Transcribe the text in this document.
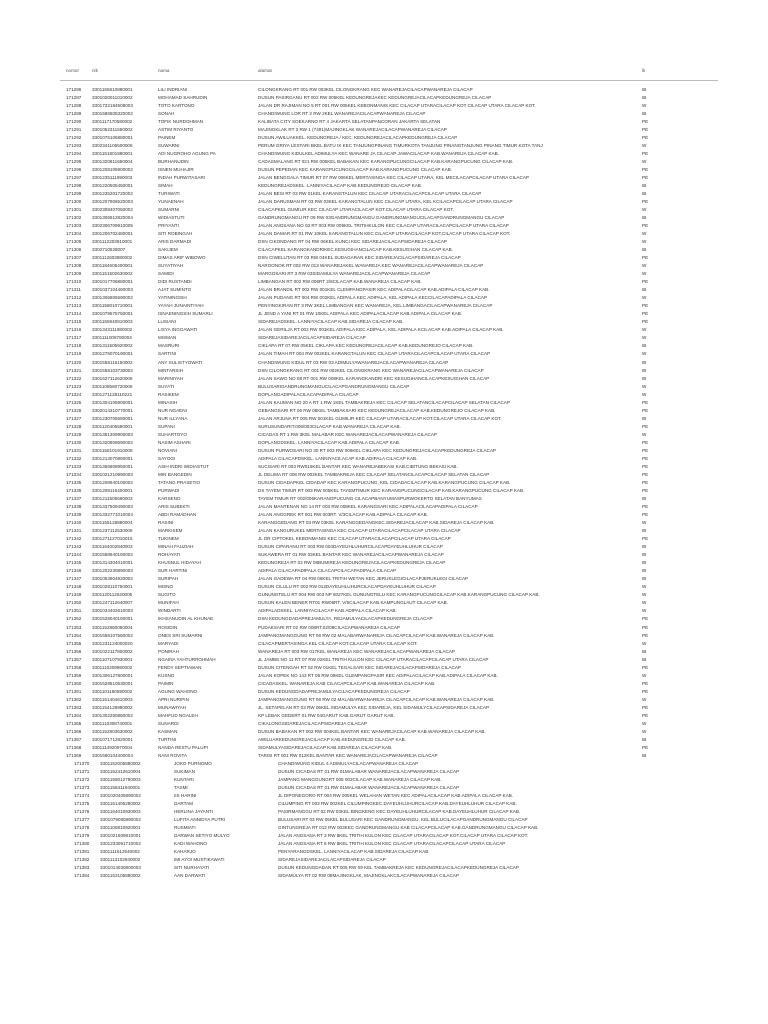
nomor	nik	nama	alamat	lk
171286	3301155810880001	LILI INDRIANI	CILONGKRANG RT 001 RW 003KEL CILONGKRANG KEC WANAREJACILACAPWANAREJA CILACAP	IB
171287	3301020011010002	MOHAMAD SAHRUDIN	DUSUN PASIRGANU RT 002 RW 005KEL KEDUNGREJAKEC KEDUNGREJACILACAPKEDUNGREJA CILACAP	IB
171288	3301732184508003	TOTO KARTONO	JALAN DR RAJIMAN NO 5 RT 001 RW 005KEL KEBONMANIS KEC CILACAP UTARACILACAP KOT CILACAP UTARA CILACAP KOT.	W
171289	3301586505320002	SONAH	CHANDIWUNG LOR RT 2 RW 2KEL WANAREJACILACAPWANAREJA CILACAP	IB
171290	3301117170580002	TOFIK NURDOHMAN	KALIBATA CITY SOEKARNO RT 4 JAKARTA SELATANPANCORAN JAKARTA SELATAN	PE
171291	3301052311550002	ASTIM RIYANTO	MAJINGKLAK RT 3 RW 1 (7491)MAJINGKLAK WANAREJACILACAPWANAREJA CILACAP	PE
171292	3301075106880001	PAINEM	DUSUN AWILUAKKEL. KEDUNGREJA / KEC. KEDUNGREJACILACAPKEDUNGREJA CILACAP	PE
171293	3302341106500006	SUWARNI	PERUM GRIYA LESTARI BKEL BATU IX KEC TANJUNGPINANG TIMURKOTA TANJUNG PINANGTANJUNG PINANG TIMUR KOTA TANJ	W
171294	3301151801880001	ADI NUGROHO AGUNG PA	CHANDIWUNG KIDULKEL ADIMULYA KEC WANARE JA CILACAP JAWACILACAP KAB.WANAREJA CILACAP KAB.	PE
171295	3301320811650004	BURHANUDIN	CADASMALANG RT 021 RW 005KEL BABAKAN KEC KARANGPUCUNGCILACAP KAB.KARANGPUCUNG CILACAP KAB.	W
171296	3301208105900002	ISNEN MUHAJIR	DUSUN PEPEDAN KEC KARANGPUCUNGCILACAP KAB.KARANGPUCUNG CILACAP KAB.	PE
171297	3301235111990003	INDAH PURWITASARI	JALAN BENGGALA TIMUR RT 07 RW 006KEL MERTASINGA KEC CILACAP UTARA, KEL MECILACAPCILACAP UTARA CILACAP	PE
171298	3301220505450001	SIMAH	KEDUNGREJADSKEL. LANNIYACILACAP KAB.KEDUNGREJO CILACAP KAB.	IB
171299	3301235201720002	TURIWATI	JALAN BESI RT 03 RW 01KEL KARANGTALUN KEC CILACAP UTARACILACAPCILACAP UTARA CILACAP	IB
171300	3301207906520003	YUNAENAH	JALAN DARUSMAN RT 03 RW 03KEL KARANGTALUN KEC CILACAP UTARA, KEL KCILACAPCILACAP UTARA CILACAP	PE
171301	3302308407050002	SUMARNI	CILACAPKEL GUMILIR KEC CILACAP UTARACILACAP KOT.CILACAP UTARA CILACAP KOT.	W
171302	3301306512820004	WIDIASTUTI	GANDRUNGMANGU RT 09 RW 03GANDRUNGMANGU GANDRUNGMANGUCILACAPGANDRUNGMANGU CILACAP	IB
171303	3302306709910005	PRIYANTI	JALAN ANGSANA NO 03 RT 003 RW 009KEL TRITIHKULON KEC CILACAP UTARACILACAPCILACAP UTARA CILACAP	PE
171304	3301206702480001	SITI ROBINGAH	JALAN DAMAR RT 01 RW 10KEL KARANGTALUN KEC CILACAP UTARACILACAP KOT.CILACAP UTARA CILACAP KOT.	W
171305	3301112203910001	ARIS DARMADI	DSN CIKONDANG RT 04 RW 06KEL KUNCI KEC SIDAREJACILACAPSIDAREJA CILACAP	W
171306	3302710528007	SAKIJEM	CILACAPKEL KARANGKANDRIKEC.KESUGIHANCILACAP KAB.KESUGIHAN CILACAP KAB.	IB
171307	3301112603880002	DIMAS ARIF WIBOWO	DSN CIWELUTAN RT 03 RW 04KEL SUDAGARAN KEC SIDAREJACILACAPSIDAREJA CILACAP	PE
171308	3301184605400001	SUYATIYAH	NAROONOK RT 002 RW 013 WANAREJAKEL WANAREJA KEC WANAREJACILACAPWANAREJA CILACAP	W
171309	3301151502630002	SAMIDI	MARGOSARI RT 3 RW 03SIDAMULYA WANAREJACILACAPWANAREJA CILACAP	W
171310	3301017706880001	DIDI RUSTANDI	LIMBANGAN RT 002 RW 006RT 2/6CILACAP KAB.WANAREJA CILACAP KAB.	PE
171311	3301037104460003	AJAT SUMINTO	JALAN BRANDIL RT 002 RW 001KEL CLEMPANGPASIR KEC ADIPALACILACAP KAB.ADIPALA CILACAP KAB.	IB
171312	3301306805590002	YATININGSIH	JALAN PUDANG RT 004 RW 002KEL ADIPALA KEC ADIPALA, KEL ADIPALA KECCILACAPADIPALA CILACAP	W
171313	3301158010710001	YAYAH JUNAINTIYAH	PENYINGKIRAN RT 3 RW 3KEL LIMBANGAN KEC WANAREJA, KEL LIMBANGACILACAPWANAREJA CILACAP	PE
171314	3301079575750001	ISNAENINGSIH SUMARLI	JL JEND A YANI RT 01 RW 10KEL ADIPALA KEC ADIPALACILACAP KAB.ADIPALA CILACAP KAB.	PE
171315	3301155940810003	LUSIANI	SIDAREJADSKEL. LANNIYACILACAP KAB.SIDAREJA CILACAP KAB.	PE
171316	3301343111980002	LISYA INGGAWATI	JALAN GERILJA RT 002 RW 001KEL ADIPALA KEC ADIPALA, KEL ADIPALA KCILACAP KAB.ADIPALA CILACAP KAB.	W
171317	3301111008780004	MISMAN	SIDAREJASIDAREJACILACAPSIDAREJA CILACAP	W
171318	3301311505920002	MASRURI	CIKLAPA RT 07 RW 05KEL CIKLAPA KEC KEDUNGREJACILACAP KAB.KEDUNGREJO CILACAP KAB.	IB
171319	3301275070190001	SARTINI	JALAN TIMAH RT 004 RW 002KEL KARANGTALUN KEC CILACAP UTARACILACAPCILACAP UTARA CILACAP	W
171320	3301558116150002	ANY SULISTYOWATI	CHANDIWUNG KIDUL RT 03 RW 03 ADIMULYAWANAREJACILACAPWANAREJA CILACAP	IB
171321	3301558103730002	MINTARSIH	DSN CILONGKRANG RT 001 RW 002KEL CILONGKRANG KEC WANAREJACILACAPWANAREJA CILACAP	IB
171322	3301627112620006	MARINIYAH	JALAN SAWO NO 08 RT 001 RW 008KEL KARANGKANDRI KEC KESUGIHANCILACAPKESUGIHAN CILACAP	IB
171323	3301108580720006	SUYATI	BULUSARIGANDRUNGMANGUCILACAPGANDRUNGMANGU CILACAP	W
171324	3301271126110221	RASIKEM	DOPLANGADIPALACILACAPADIPALA CILACAP	W
171325	3301304105900001	MINASIH	JALAN KAUMAN NO 20 A RT 1 RW 1KEL TAMBAKREJA KEC CILACAP SELATANCILACAPCILACAP SELATAN CILACAP	PE
171326	3302014310770001	NUR NGAENI	GEBANGSARI RT 06 RW 06KEL TAMBAKSARI KEC KEDUNGREJACILACAP KAB.KEDUNGREJO CILACAP KAB.	PE
171327	3301230705580001	NUR ILLYANA	JALAN ARJUNA RT 005 RW 001KEL GUMILIR KEC CILACAP UTARACILACAP KOT.CILACAP UTARA CILACAP KOT.	IB
171328	3301120405590001	SUPANI	SURUSUNDARIT.006/003CILACAP KAB.WANAREJA CILACAP KAB.	PE
171329	3301351309900003	SUHARTOYO	CICADAS RT 1 RW 3KEL MALABAR KEC WANAREJACILACAPWANAREJA CILACAP	W
171330	3301320808590002	NASIM ASHARI	DOPLANGDSKEL. LANNIYACILACAP KAB.ADIPALA CILACAP KAB.	PE
171331	3301158101910005	NOVIANI	DUSUN PURWOSARI NO 30 RT 003 RW 006KEL CIKLAPA KEC KEDUNGREJACILACAPKEDUNGREJA CILACAP	PE
171332	3301213070860001	SAYOGI	ADIPALA CILACAPDSKEL. LANNIYACILACAP KAB.ADIPALA CILACAP KAB.	PE
171333	3301356808950001	ASIH INDRI WIDIASTUT	SUCISARI RT 003 RW015KEL BANTAR KEC WANAREJABEKASI KAB.CIBITUNG BEKASI KAB.	PE
171334	3301021210990003	MIN BANGEDIN	JL DELIMA RT 008 RW 002KEL TAMBAKREJA KEC CILACAP SELATANCILACAPCILACAP SELATAN CILACAP	PE
171335	3301208940100002	TATANG PRASETIO	DUSUN CIDADAPKEL CIDADAP KEC KARANGPUCUNG, KEL CIDADACILACAP KAB.KARANGPUCUNG CILACAP KAB.	PE
171336	3301208116400001	PURWADI	DS TAYEM TIMUR RT 003 RW 005KEL TAYEMTIMUR KEC KARANGPUCUNGCILACAP KAB.KARANGPUCUNG CILACAP KAB.	PE
171337	3301211505660003	KARSENO	TAYEM TIMUR RT 002/006KARANGPUCUNG CILACAPBANYUMASPURWOKERTO SELATAN BANYUMAS	IB
171338	3301337509490003	ARIS SUBEKTI	JALAN MANTENAN NO 14 RT 003 RW 008KEL KARANGSARI KEC ADIPALACILACAPADIPALA CILACAP	PE
171339	3301332771010004	ABDI RAMADHAN	JALAN ANGGREK RT 001 RW 003RT. V/3CILACAP KAB.ADIPALA CILACAP KAB.	PE
171340	3301155128880004	RASINI	KARANGGEDANG RT 03 RW 03KEL KARANGGEDANGKEC.SIDAREJACILACAP KAB.SIDAREJA CILACAP KAB.	W
171341	3301237112530006	MARKISEM	JALAN KANGURUKEL MERTASINGA KEC CILACAP UTARACILACAPCILACAP UTARA CILACAP	IB
171342	3301271127010015	TUKINEM	JL DR CIPTOKEL KEBONMANIS KEC CILACAP UTARACILACAPCILACAP UTARA CILACAP	PE
171343	3301164002840003	MINAH FAUZIAH	DUSUN CIPARANU RT 003 RW 004DAYEUHLUHURCILACAPDAYEUHLUHUR CILACAP	IB
171344	3301558940160002	ROHAYATI	SUKAWERA RT 01 RW 03KEL BANTAR KEC WANAREJACILACAPWANAREJA CILACAP	IB
171345	3301314304010001	KHUSNUL HIDAYAH	KEDUNGREJA RT 02 RW 08BUMIREJA KEDUNGREJACILACAPKEDUNGREJA CILACAP	IB
171346	3301202230890003	SUR HARTINI	ADIPALA CILACAPADIPALA CILACAPCILACAPADIPALA CILACAP	IB
171347	3301053904920002	SURIPAH	JALAN GADEWA RT 04 RW 06KEL TRITIH WETAN KEC JERUKLEGICILACAPJERUKLEGI CILACAP	IB
171348	3301028110750001	MISNO	DUSUN CILULU RT 002 RW 012DAYEUHLUHURCILACAPDAYEUHLUHUR CILACAP	W
171349	3301120112620005	SUGITO	GUNUNGTELU RT 004 RW 003 NP 6027KEL GUNUNGTELU KEC KARANGPUCUNGCILACAP KAB.KARANGPUCUNG CILACAP KAB.	W
171350	3301247112640007	MUNIFAH	DUSUN KALEN BENER RT01 RW06RT. V/5CILACAP KAB.KAMPUNGLAUT CILACAP KAB.	W
171351	3301034402610003	WINDARTI	ADIPALADSKEL. LANNIYACILACAP KAB.ADIPALA CILACAP KAB.	W
171352	3301528040160001	IKHSANUDIN AL KHUNAE	DSN KEDUNGDADAPREJAMULYA, REJAMULYACILACAPKEDUNGREJA CILACAP	PE
171353	3301152860050004	ROSIDIN	PUDAKSARI RT 02 RW 008RT.02/08CILACAPWANAREJA CILACAP	PE
171354	3301558107560002	ONES SRI SUMARNI	JAMPANGMANGGUNG RT 06 RW 02 MALABARWANAREJA CILACAPCILACAP KAB.WANAREJA CILACAP KAB.	PE
171355	3301231124000020	MARYADI	CILACAPMERTASINGA KEL CILACAP KOT.CILACAP UTARA CILACAP KOT.	W
171356	3301022117800002	PONIRAH	WANAREJA RT 003 RW 017KEL WANAREJA KEC WANAREJACILACAPWANAREJA CILACAP	IB
171357	3301107107930001	NGAINA YAHTURROHMAH	JL JAMBE NO 11 RT 07 RW 02KEL TRITIH KULON KEC CILACAP UTARACILACAPCILACAP UTARA CILACAP	IB
171358	3301110209980002	FENDY SEPTIAWAN	DUSUN CITENGAH RT 02 RW 01KEL TEGALSARI KEC SIDAREJACILACAPSIDAREJA CILACAP	PE
171359	3301306127800001	KUSNO	JALAN KOPEK NO 143 RT 05 RW 09KEL GLEMPANGPASIR KEC ADIPALACILACAP KAB.ADIPALA CILACAP KAB.	W
171360	3301528510530001	PAIMIN	CICADASKEL. WANAREJA.KAB CILACAPCILACAP KAB.WANAREJA CILACAP KAB.	PE
171361	3301101160590002	AGUNG WAHONO	DUSUN KEDUNGDADAPREJAMULYACILACAPKEDUNGREJA CILACAP	PE
171362	3301151404610003	APRI NURIPIN	JAMPANGMANGGUNG RT 06 RW 02 MALABARWANAREJA CILACAPCILACAP KAB.WANAREJA CILACAP KAB.	W
171363	3301154128990002	MUNAWIYAH	JL. SETAPELAN RT 03 RW 05KEL SIDAMULYA KEC SIDAREJA, KEL SIDAMULYCILACAPSIDAREJA CILACAP	PE
171364	3301302260860002	MAHFUD NGALEH	KP LEBAK GEDERT 01 RW 04GARUT KAB.GARUT GARUT KAB.	PE
171365	3301110308740001	SUNARDI	CIKALONGSIDAREJACILACAPSIDAREJA CILACAP	W
171366	3301152803630002	KASMAN	DUSUN BABAKAN RT 002 RW 004KEL BANTAR KEC WANAREJACILACAP KAB.WANAREJA CILACAP KAB.	W
171367	3301071712820001	TURTINI	AWILUARKEDUNGREJACILACAP KAB.KEDUNGREJO CILACAP KAB.	IB
171368	3301114920970004	NANDA RESTU PALUPI	SIDAMULYASIDAREJACILACAP KAB.SIDAREJA CILACAP KAB.	PE
171369	3301560104400004	NANI ROVITA	TARISI RT 001 RW 012KEL BANTAR KEC WANAREJACILACAPWANAREJA CILACAP	IB
171370	3301152005880002	JOKO PURNOMO	CHANDIWUNG KIDUL 4 ADIMULYACILACAPWANAREJA CILACAP
171371	3301152412610004	SUKIMAN	DUSUN CICADAS RT 01 RW 01MALABAR WANAREJACILACAPWANAREJA CILACAP
171372	3301158012790003	KUNTARI	JAMPANG MANGGUNGRT 005 002CILACAP KAB.WANAREJA CILACAP KAB.
171373	3301158411940001	TASMI	DUSUN CICADAS RT 01 RW 01MALABAR WANAREJACILACAPWANAREJA CILACAP
171374	3301020405890002	IIS HARINI	JL DIPONEGORO RT 004 RW 005KEL WELAHAN WETAN KEC ADIPALACILACAP KAB.ADIPALA CILACAP KAB.
171375	3301151405280002	DARTAM	CILUMPING RT 003 RW 002KEL CILUMPINGKEC.DAYEUHLUHURCILACAP KAB.DAYEUHLUHUR CILACAP KAB.
171376	3301164010930003	HERLINA JAYANTI	PASIRMANGGU RT 02 RW 03KEL BINGKENG KEC DAYEUHLUHURCILACAP KAB.DAYEUHLUHUR CILACAP KAB.
171377	3301079080890002	LUFITA ANNIDYA PUTRI	BULUSARI RT 03 RW 05KEL BULUSARI KEC GANDRUNGMANGU, KEL BULUCILACAPGANDRUNGMANGU CILACAP
171378	3301105810920001	RUSMIATI	GINTUNGREJA RT 012 RW 003KEC GANDRUNGMANGU KAB CILACAPCILACAP KAB.GANDRUNGMANGU CILACAP KAB.
171379	3301021609810001	DARWAN SETIYO MULYO	JALAN ANGSANA RT 3 RW 8KEL TRITIH KULON KEC CILACAP UTARACILACAP KOT.CILACAP UTARA CILACAP KOT.
171380	3301233091710002	KADI WAHONO	JALAN ANGSANA RT 6 RW 8KEL TRITIH KULON KEC CILACAP UTARACILACAPCILACAP UTARA CILACAP
171381	3301111612540002	KAHARJO	PENYARANGDSKEL. LANNIYACILACAP KAB.SIDAREJA CILACAP KAB.
171382	3301113102840002	IMI AYOI MUSTIKAWATI	SIDAREJASIDAREJACILACAPSIDAREJA CILACAP
171383	3301014030800003	SITI NURHAYATI	DUSUN KEDUNGDADAN RT 005 RW 09 KEL TAMBAKREJA KEC KEDUNGREJACILACAPKEDUNGREJA CILACAP
171384	3301153105880002	AAN DARWATI	SIDAMULYA RT 02 RW 08MAJINGKLAK, MAJINGKLAKCILACAPWANAREJA CILACAP
